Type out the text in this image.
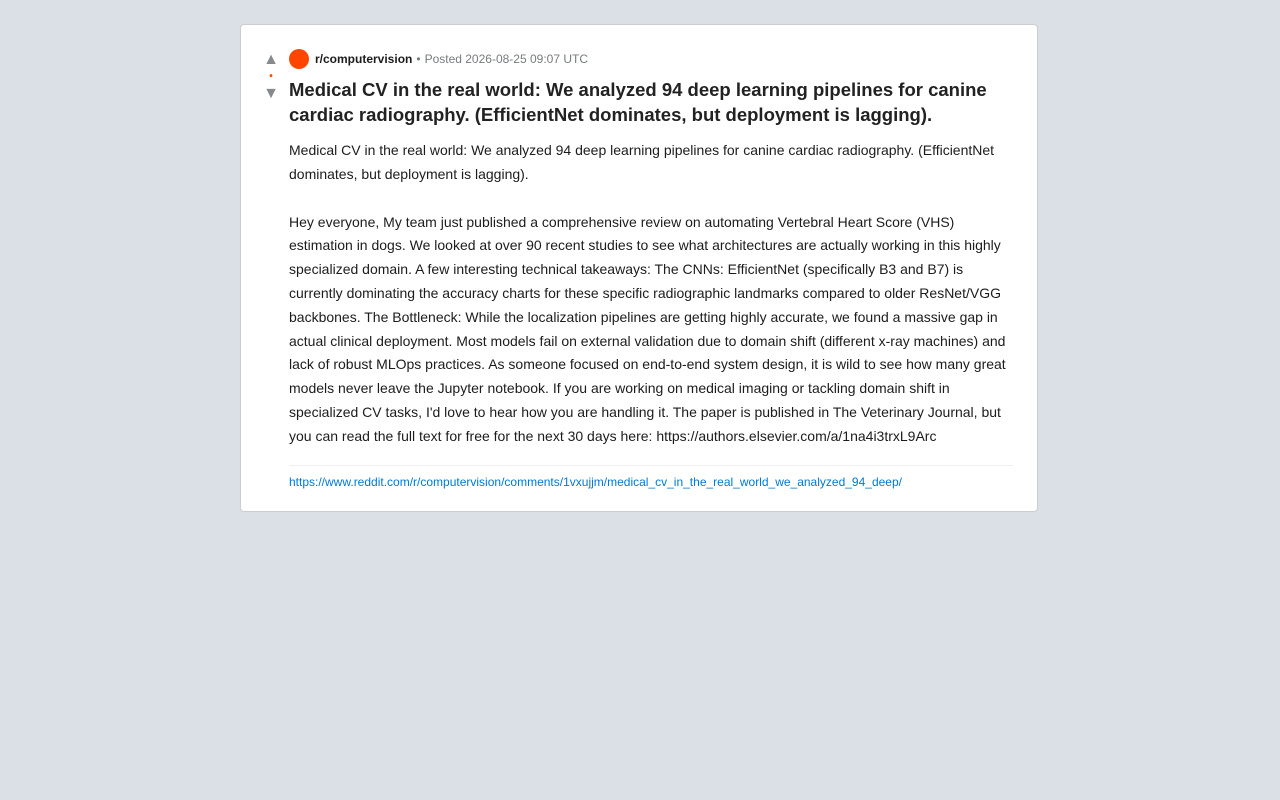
▲
•
▼
r/computervision • Posted 2026-08-25 09:07 UTC
Medical CV in the real world: We analyzed 94 deep learning pipelines for canine cardiac radiography. (EfficientNet dominates, but deployment is lagging).

Medical CV in the real world: We analyzed 94 deep learning pipelines for canine cardiac radiography. (EfficientNet dominates, but deployment is lagging).

Hey everyone, My team just published a comprehensive review on automating Vertebral Heart Score (VHS) estimation in dogs. We looked at over 90 recent studies to see what architectures are actually working in this highly specialized domain. A few interesting technical takeaways: The CNNs: EfficientNet (specifically B3 and B7) is currently dominating the accuracy charts for these specific radiographic landmarks compared to older ResNet/VGG backbones. The Bottleneck: While the localization pipelines are getting highly accurate, we found a massive gap in actual clinical deployment. Most models fail on external validation due to domain shift (different x-ray machines) and lack of robust MLOps practices. As someone focused on end-to-end system design, it is wild to see how many great models never leave the Jupyter notebook. If you are working on medical imaging or tackling domain shift in specialized CV tasks, I'd love to hear how you are handling it. The paper is published in The Veterinary Journal, but you can read the full text for free for the next 30 days here: https://authors.elsevier.com/a/1na4i3trxL9Arc

https://www.reddit.com/r/computervision/comments/1vxujjm/medical_cv_in_the_real_world_we_analyzed_94_deep/
